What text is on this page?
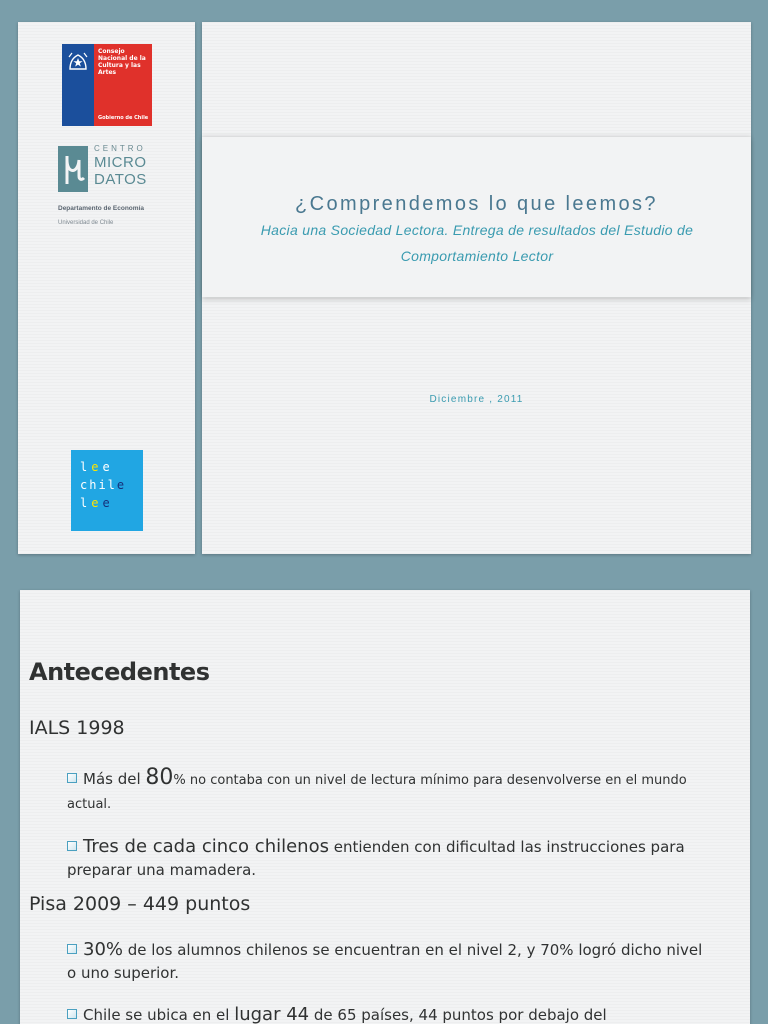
Consejo Nacional de la Cultura y las Artes
Gobierno de Chile
CENTRO
MICRO
DATOS
Departamento de Economía
Universidad de Chile
lee
chile
lee
¿Comprendemos lo que leemos?
Hacia una Sociedad Lectora. Entrega de resultados del Estudio de Comportamiento Lector
Diciembre , 2011
Antecedentes
IALS 1998
Más del 80% no contaba con un nivel de lectura mínimo para desenvolverse en el mundo actual.
Tres de cada cinco chilenos entienden con dificultad las instrucciones para preparar una mamadera.
Pisa 2009 – 449 puntos
30% de los alumnos chilenos se encuentran en el nivel 2, y 70% logró dicho nivel o uno superior.
Chile se ubica en el lugar 44 de 65 países, 44 puntos por debajo del
